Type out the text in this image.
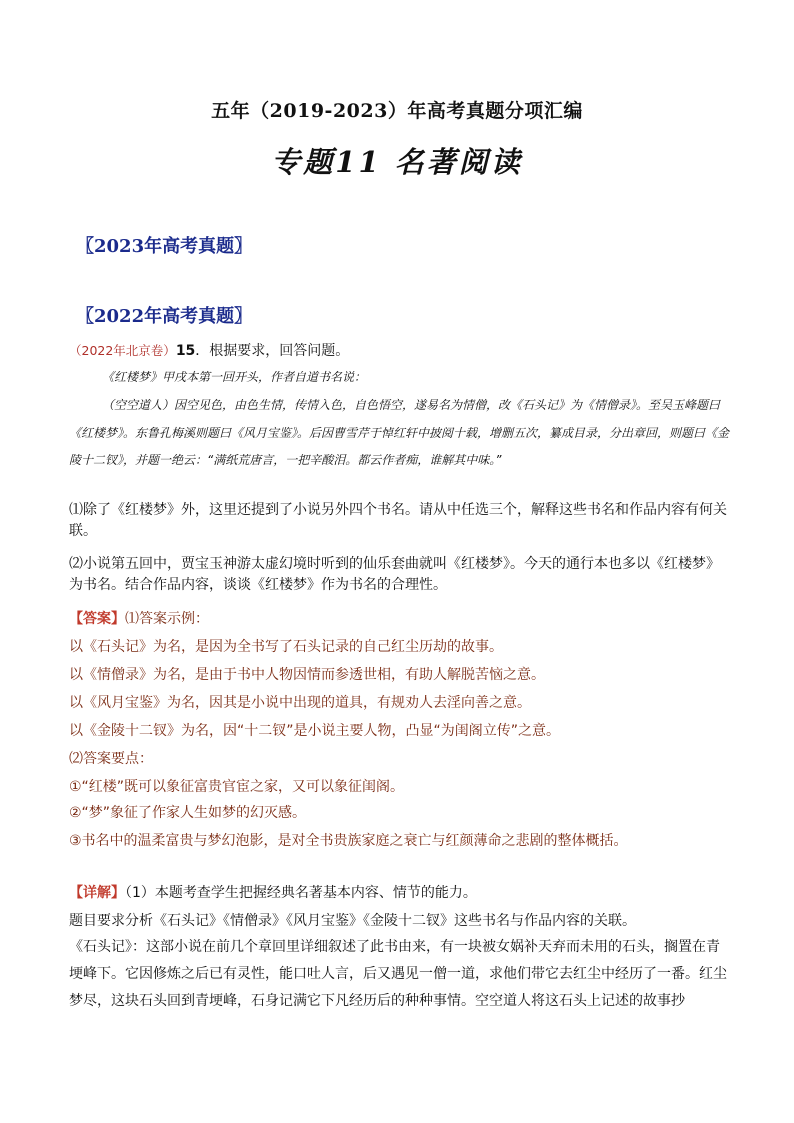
五年（2019-2023）年高考真题分项汇编
专题11 名著阅读
〖2023年高考真题〗
〖2022年高考真题〗
（2022年北京卷）15．根据要求，回答问题。
《红楼梦》甲戌本第一回开头，作者自道书名说：
（空空道人）因空见色，由色生情，传情入色，自色悟空，遂易名为情僧，改《石头记》为《情僧录》。至吴玉峰题曰《红楼梦》。东鲁孔梅溪则题曰《风月宝鉴》。后因曹雪芹于悼红轩中披阅十载，增删五次，纂成目录，分出章回，则题曰《金陵十二钗》，并题一绝云：“满纸荒唐言，一把辛酸泪。都云作者痴，谁解其中味。”
⑴除了《红楼梦》外，这里还提到了小说另外四个书名。请从中任选三个，解释这些书名和作品内容有何关联。
⑵小说第五回中，贾宝玉神游太虚幻境时听到的仙乐套曲就叫《红楼梦》。今天的通行本也多以《红楼梦》为书名。结合作品内容，谈谈《红楼梦》作为书名的合理性。
【答案】⑴答案示例：
以《石头记》为名，是因为全书写了石头记录的自己红尘历劫的故事。
以《情僧录》为名，是由于书中人物因情而参透世相，有助人解脱苦恼之意。
以《风月宝鉴》为名，因其是小说中出现的道具，有规劝人去淫向善之意。
以《金陵十二钗》为名，因“十二钗”是小说主要人物，凸显“为闺阁立传”之意。
⑵答案要点：
①“红楼”既可以象征富贵官宦之家，又可以象征闺阁。
②“梦”象征了作家人生如梦的幻灭感。
③书名中的温柔富贵与梦幻泡影，是对全书贵族家庭之衰亡与红颜薄命之悲剧的整体概括。
【详解】（1）本题考查学生把握经典名著基本内容、情节的能力。
题目要求分析《石头记》《情僧录》《风月宝鉴》《金陵十二钗》这些书名与作品内容的关联。
《石头记》：这部小说在前几个章回里详细叙述了此书由来，有一块被女娲补天弃而未用的石头，搁置在青埂峰下。它因修炼之后已有灵性，能口吐人言，后又遇见一僧一道，求他们带它去红尘中经历了一番。红尘梦尽，这块石头回到青埂峰，石身记满它下凡经历后的种种事情。空空道人将这石头上记述的故事抄
